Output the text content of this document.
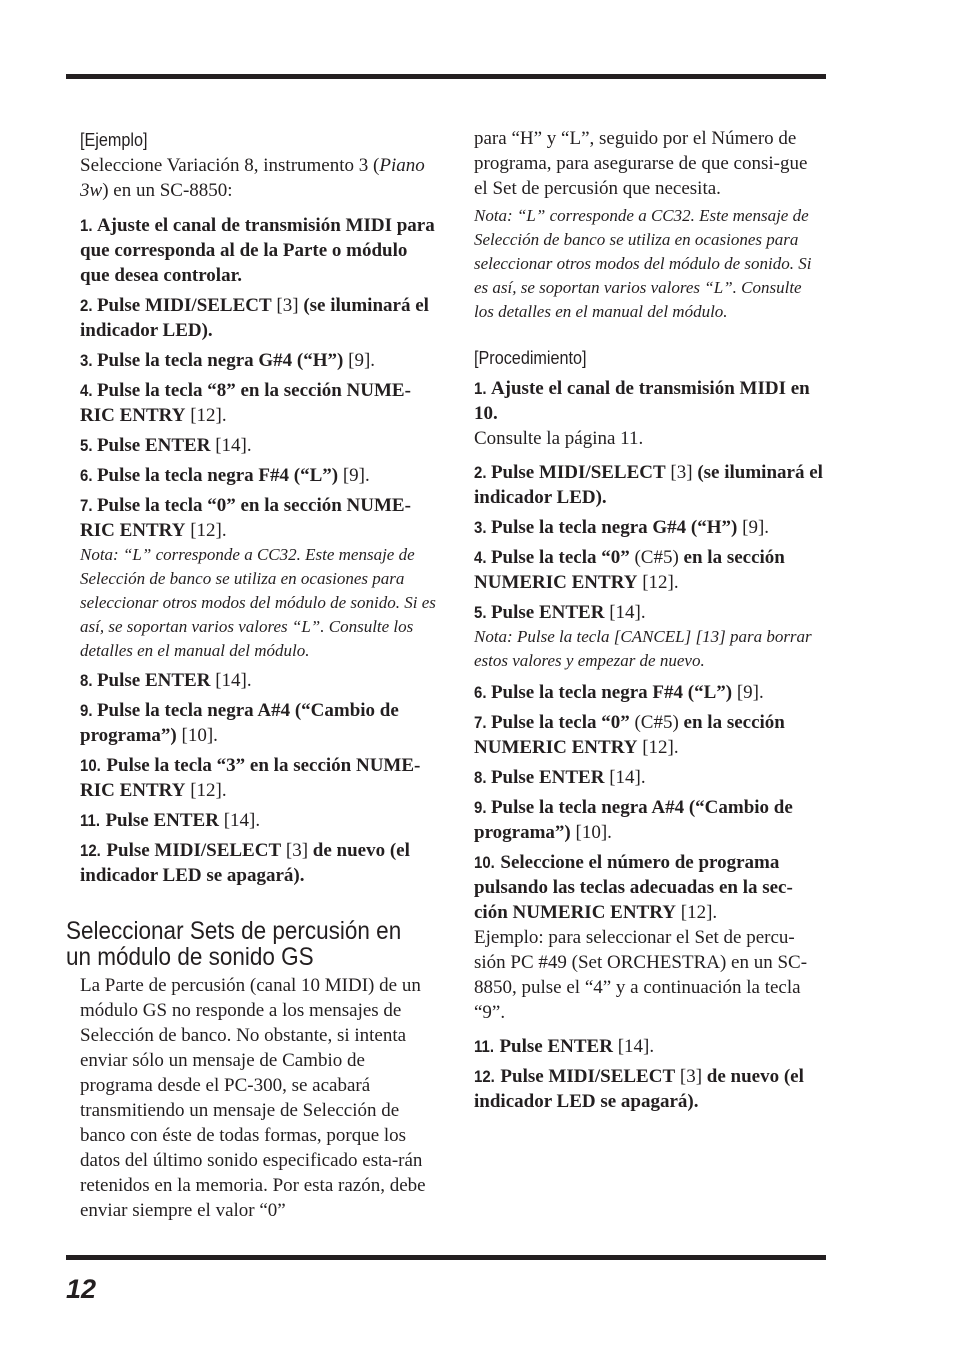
[Ejemplo]

Seleccione Variación 8, instrumento 3 (Piano 3w) en un SC-8850:

1. Ajuste el canal de transmisión MIDI para que corresponda al de la Parte o módulo que desea controlar.
2. Pulse MIDI/SELECT [3] (se iluminará el indicador LED).
3. Pulse la tecla negra G#4 (“H”) [9].
4. Pulse la tecla “8” en la sección NUME-RIC ENTRY [12].
5. Pulse ENTER [14].
6. Pulse la tecla negra F#4 (“L”) [9].
7. Pulse la tecla “0” en la sección NUME-RIC ENTRY [12].

Nota: “L” corresponde a CC32. Este mensaje de Selección de banco se utiliza en ocasiones para seleccionar otros modos del módulo de sonido. Si es así, se soportan varios valores “L”. Consulte los detalles en el manual del módulo.

8. Pulse ENTER [14].
9. Pulse la tecla negra A#4 (“Cambio de programa”) [10].
10. Pulse la tecla “3” en la sección NUME-RIC ENTRY [12].
11. Pulse ENTER [14].
12. Pulse MIDI/SELECT [3] de nuevo (el indicador LED se apagará).
Seleccionar Sets de percusión en un módulo de sonido GS

La Parte de percusión (canal 10 MIDI) de un módulo GS no responde a los mensajes de Selección de banco. No obstante, si intenta enviar sólo un mensaje de Cambio de programa desde el PC-300, se acabará transmitiendo un mensaje de Selección de banco con éste de todas formas, porque los datos del último sonido especificado esta-rán retenidos en la memoria. Por esta razón, debe enviar siempre el valor “0”

para “H” y “L”, seguido por el Número de programa, para asegurarse de que consi-gue el Set de percusión que necesita.

Nota: “L” corresponde a CC32. Este mensaje de Selección de banco se utiliza en ocasiones para seleccionar otros modos del módulo de sonido. Si es así, se soportan varios valores “L”. Consulte los detalles en el manual del módulo.

[Procedimiento]

1. Ajuste el canal de transmisión MIDI en 10.

Consulte la página 11.

2. Pulse MIDI/SELECT [3] (se iluminará el indicador LED).
3. Pulse la tecla negra G#4 (“H”) [9].
4. Pulse la tecla “0” (C#5) en la sección NUMERIC ENTRY [12].
5. Pulse ENTER [14].

Nota: Pulse la tecla [CANCEL] [13] para borrar estos valores y empezar de nuevo.

6. Pulse la tecla negra F#4 (“L”) [9].
7. Pulse la tecla “0” (C#5) en la sección NUMERIC ENTRY [12].
8. Pulse ENTER [14].
9. Pulse la tecla negra A#4 (“Cambio de programa”) [10].
10. Seleccione el número de programa pulsando las teclas adecuadas en la sec-ción NUMERIC ENTRY [12].

Ejemplo: para seleccionar el Set de percu-sión PC #49 (Set ORCHESTRA) en un SC-8850, pulse el “4” y a continuación la tecla “9”.

11. Pulse ENTER [14].
12. Pulse MIDI/SELECT [3] de nuevo (el indicador LED se apagará).
12
